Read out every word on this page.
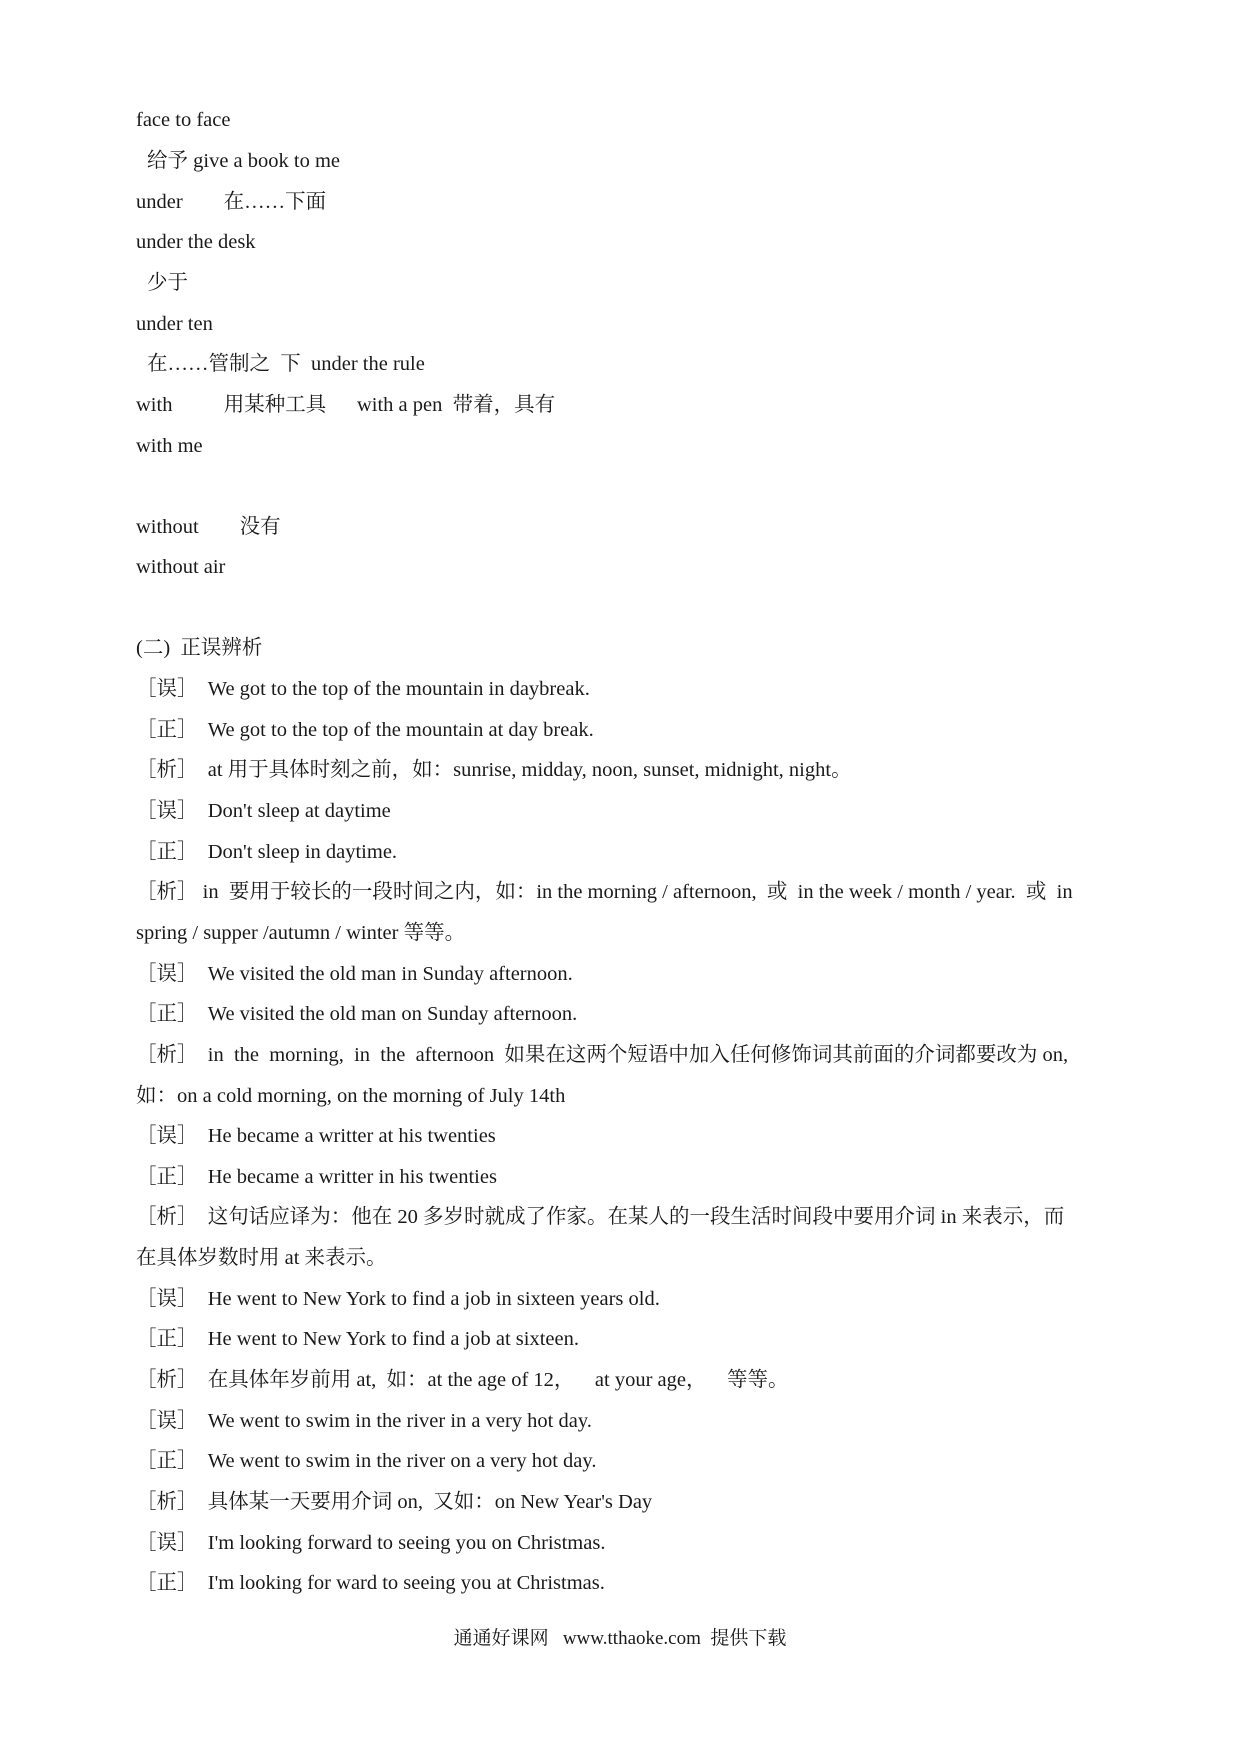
face to face
给予 give a book to me
under        在……下面
under the desk
少于
under ten
在……管制之  下  under the rule
with          用某种工具      with a pen  带着，具有
with me
without        没有
without air
(二)  正误辨析
［误］  We got to the top of the mountain in daybreak.
［正］  We got to the top of the mountain at day break.
［析］  at 用于具体时刻之前，如：sunrise, midday, noon, sunset, midnight, night。
［误］  Don't sleep at daytime
［正］  Don't sleep in daytime.
［析］ in  要用于较长的一段时间之内，如：in the morning / afternoon,  或  in the week / month / year.  或  in
spring / supper /autumn / winter 等等。
［误］  We visited the old man in Sunday afternoon.
［正］  We visited the old man on Sunday afternoon.
［析］  in  the  morning,  in  the  afternoon  如果在这两个短语中加入任何修饰词其前面的介词都要改为 on,
如：on a cold morning, on the morning of July 14th
［误］  He became a writter at his twenties
［正］  He became a writter in his twenties
［析］  这句话应译为：他在 20 多岁时就成了作家。在某人的一段生活时间段中要用介词 in 来表示，而
在具体岁数时用 at 来表示。
［误］  He went to New York to find a job in sixteen years old.
［正］  He went to New York to find a job at sixteen.
［析］  在具体年岁前用 at,  如：at the age of 12，    at your age，    等等。
［误］  We went to swim in the river in a very hot day.
［正］  We went to swim in the river on a very hot day.
［析］  具体某一天要用介词 on,  又如：on New Year's Day
［误］  I'm looking forward to seeing you on Christmas.
［正］  I'm looking for ward to seeing you at Christmas.
通通好课网   www.tthaoke.com  提供下载
